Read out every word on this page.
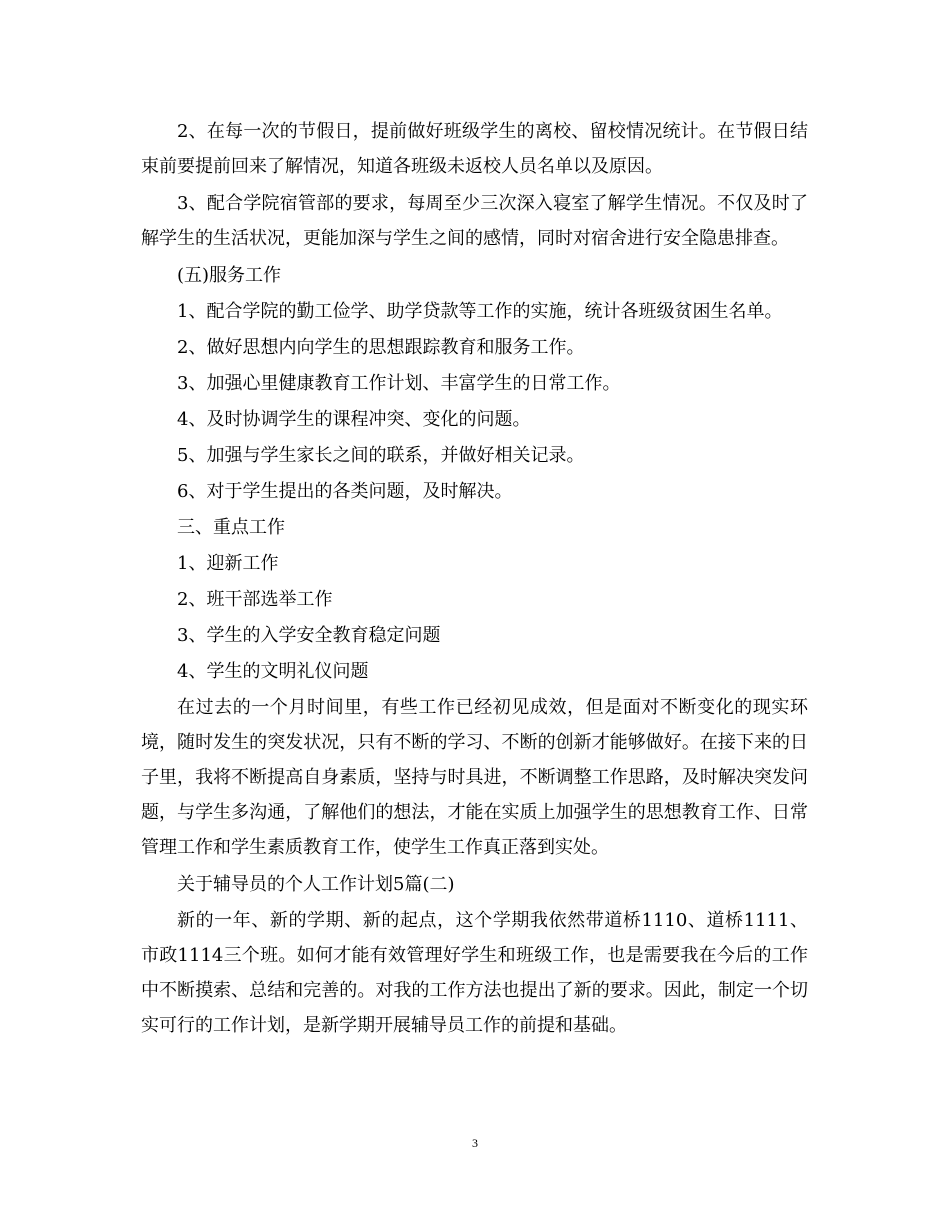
2、在每一次的节假日，提前做好班级学生的离校、留校情况统计。在节假日结束前要提前回来了解情况，知道各班级未返校人员名单以及原因。

3、配合学院宿管部的要求，每周至少三次深入寝室了解学生情况。不仅及时了解学生的生活状况，更能加深与学生之间的感情，同时对宿舍进行安全隐患排查。

(五)服务工作

1、配合学院的勤工俭学、助学贷款等工作的实施，统计各班级贫困生名单。

2、做好思想内向学生的思想跟踪教育和服务工作。

3、加强心里健康教育工作计划、丰富学生的日常工作。

4、及时协调学生的课程冲突、变化的问题。

5、加强与学生家长之间的联系，并做好相关记录。

6、对于学生提出的各类问题，及时解决。

三、重点工作

1、迎新工作

2、班干部选举工作

3、学生的入学安全教育稳定问题

4、学生的文明礼仪问题

在过去的一个月时间里，有些工作已经初见成效，但是面对不断变化的现实环境，随时发生的突发状况，只有不断的学习、不断的创新才能够做好。在接下来的日子里，我将不断提高自身素质，坚持与时具进，不断调整工作思路，及时解决突发问题，与学生多沟通，了解他们的想法，才能在实质上加强学生的思想教育工作、日常管理工作和学生素质教育工作，使学生工作真正落到实处。

关于辅导员的个人工作计划5篇(二)

新的一年、新的学期、新的起点，这个学期我依然带道桥1110、道桥1111、市政1114三个班。如何才能有效管理好学生和班级工作，也是需要我在今后的工作中不断摸索、总结和完善的。对我的工作方法也提出了新的要求。因此，制定一个切实可行的工作计划，是新学期开展辅导员工作的前提和基础。

3
